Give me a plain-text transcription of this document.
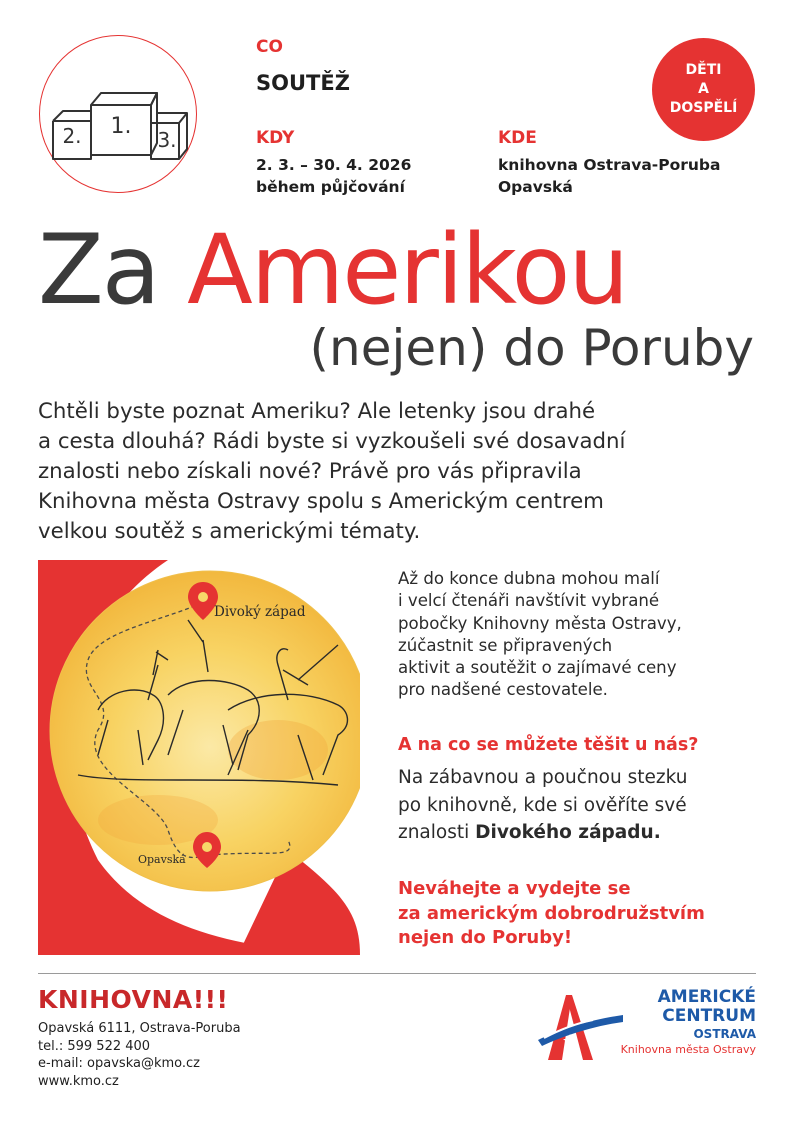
2. 1.
3.
CO
SOUTĚŽ
KDY
2. 3. – 30. 4. 2026
během půjčování
KDE
knihovna Ostrava-Poruba
Opavská
DĚTI
A
DOSPĚLÍ
Za Amerikou
(nejen) do Poruby
Chtěli byste poznat Ameriku? Ale letenky jsou drahé
a cesta dlouhá? Rádi byste si vyzkoušeli své dosavadní
znalosti nebo získali nové? Právě pro vás připravila
Knihovna města Ostravy spolu s Americkým centrem
velkou soutěž s americkými tématy.
Divoký západ
Opavská
Až do konce dubna mohou malí
i velcí čtenáři navštívit vybrané
pobočky Knihovny města Ostravy,
zúčastnit se připravených
aktivit a soutěžit o zajímavé ceny
pro nadšené cestovatele.
A na co se můžete těšit u nás?
Na zábavnou a poučnou stezku
po knihovně, kde si ověříte své
znalosti Divokého západu.
Neváhejte a vydejte se
za americkým dobrodružstvím
nejen do Poruby!
KNIHOVNA!!!
Opavská 6111, Ostrava-Poruba
tel.: 599 522 400
e-mail: opavska@kmo.cz
www.kmo.cz
AMERICKÉ
CENTRUM
OSTRAVA
Knihovna města Ostravy
